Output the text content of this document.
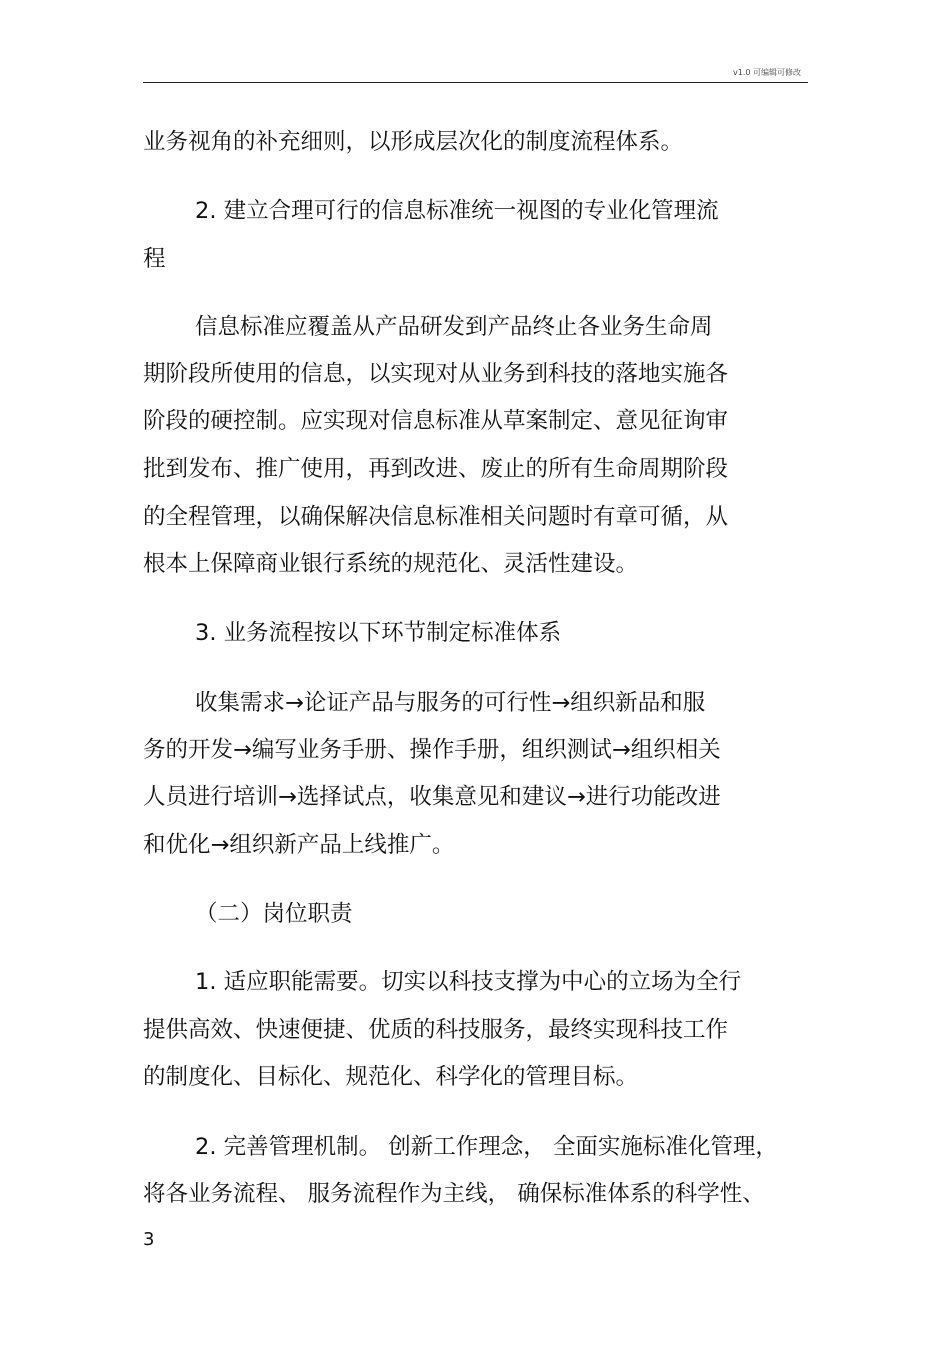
v1.0 可编辑可修改
业务视角的补充细则，以形成层次化的制度流程体系。
2. 建立合理可行的信息标准统一视图的专业化管理流
程
信息标准应覆盖从产品研发到产品终止各业务生命周
期阶段所使用的信息，以实现对从业务到科技的落地实施各
阶段的硬控制。应实现对信息标准从草案制定、意见征询审
批到发布、推广使用，再到改进、废止的所有生命周期阶段
的全程管理，以确保解决信息标准相关问题时有章可循，从
根本上保障商业银行系统的规范化、灵活性建设。
3. 业务流程按以下环节制定标准体系
收集需求→论证产品与服务的可行性→组织新品和服
务的开发→编写业务手册、操作手册，组织测试→组织相关
人员进行培训→选择试点，收集意见和建议→进行功能改进
和优化→组织新产品上线推广。
（二）岗位职责
1. 适应职能需要。切实以科技支撑为中心的立场为全行
提供高效、快速便捷、优质的科技服务，最终实现科技工作
的制度化、目标化、规范化、科学化的管理目标。
2. 完善管理机制。 创新工作理念， 全面实施标准化管理，
将各业务流程、 服务流程作为主线， 确保标准体系的科学性、
3
